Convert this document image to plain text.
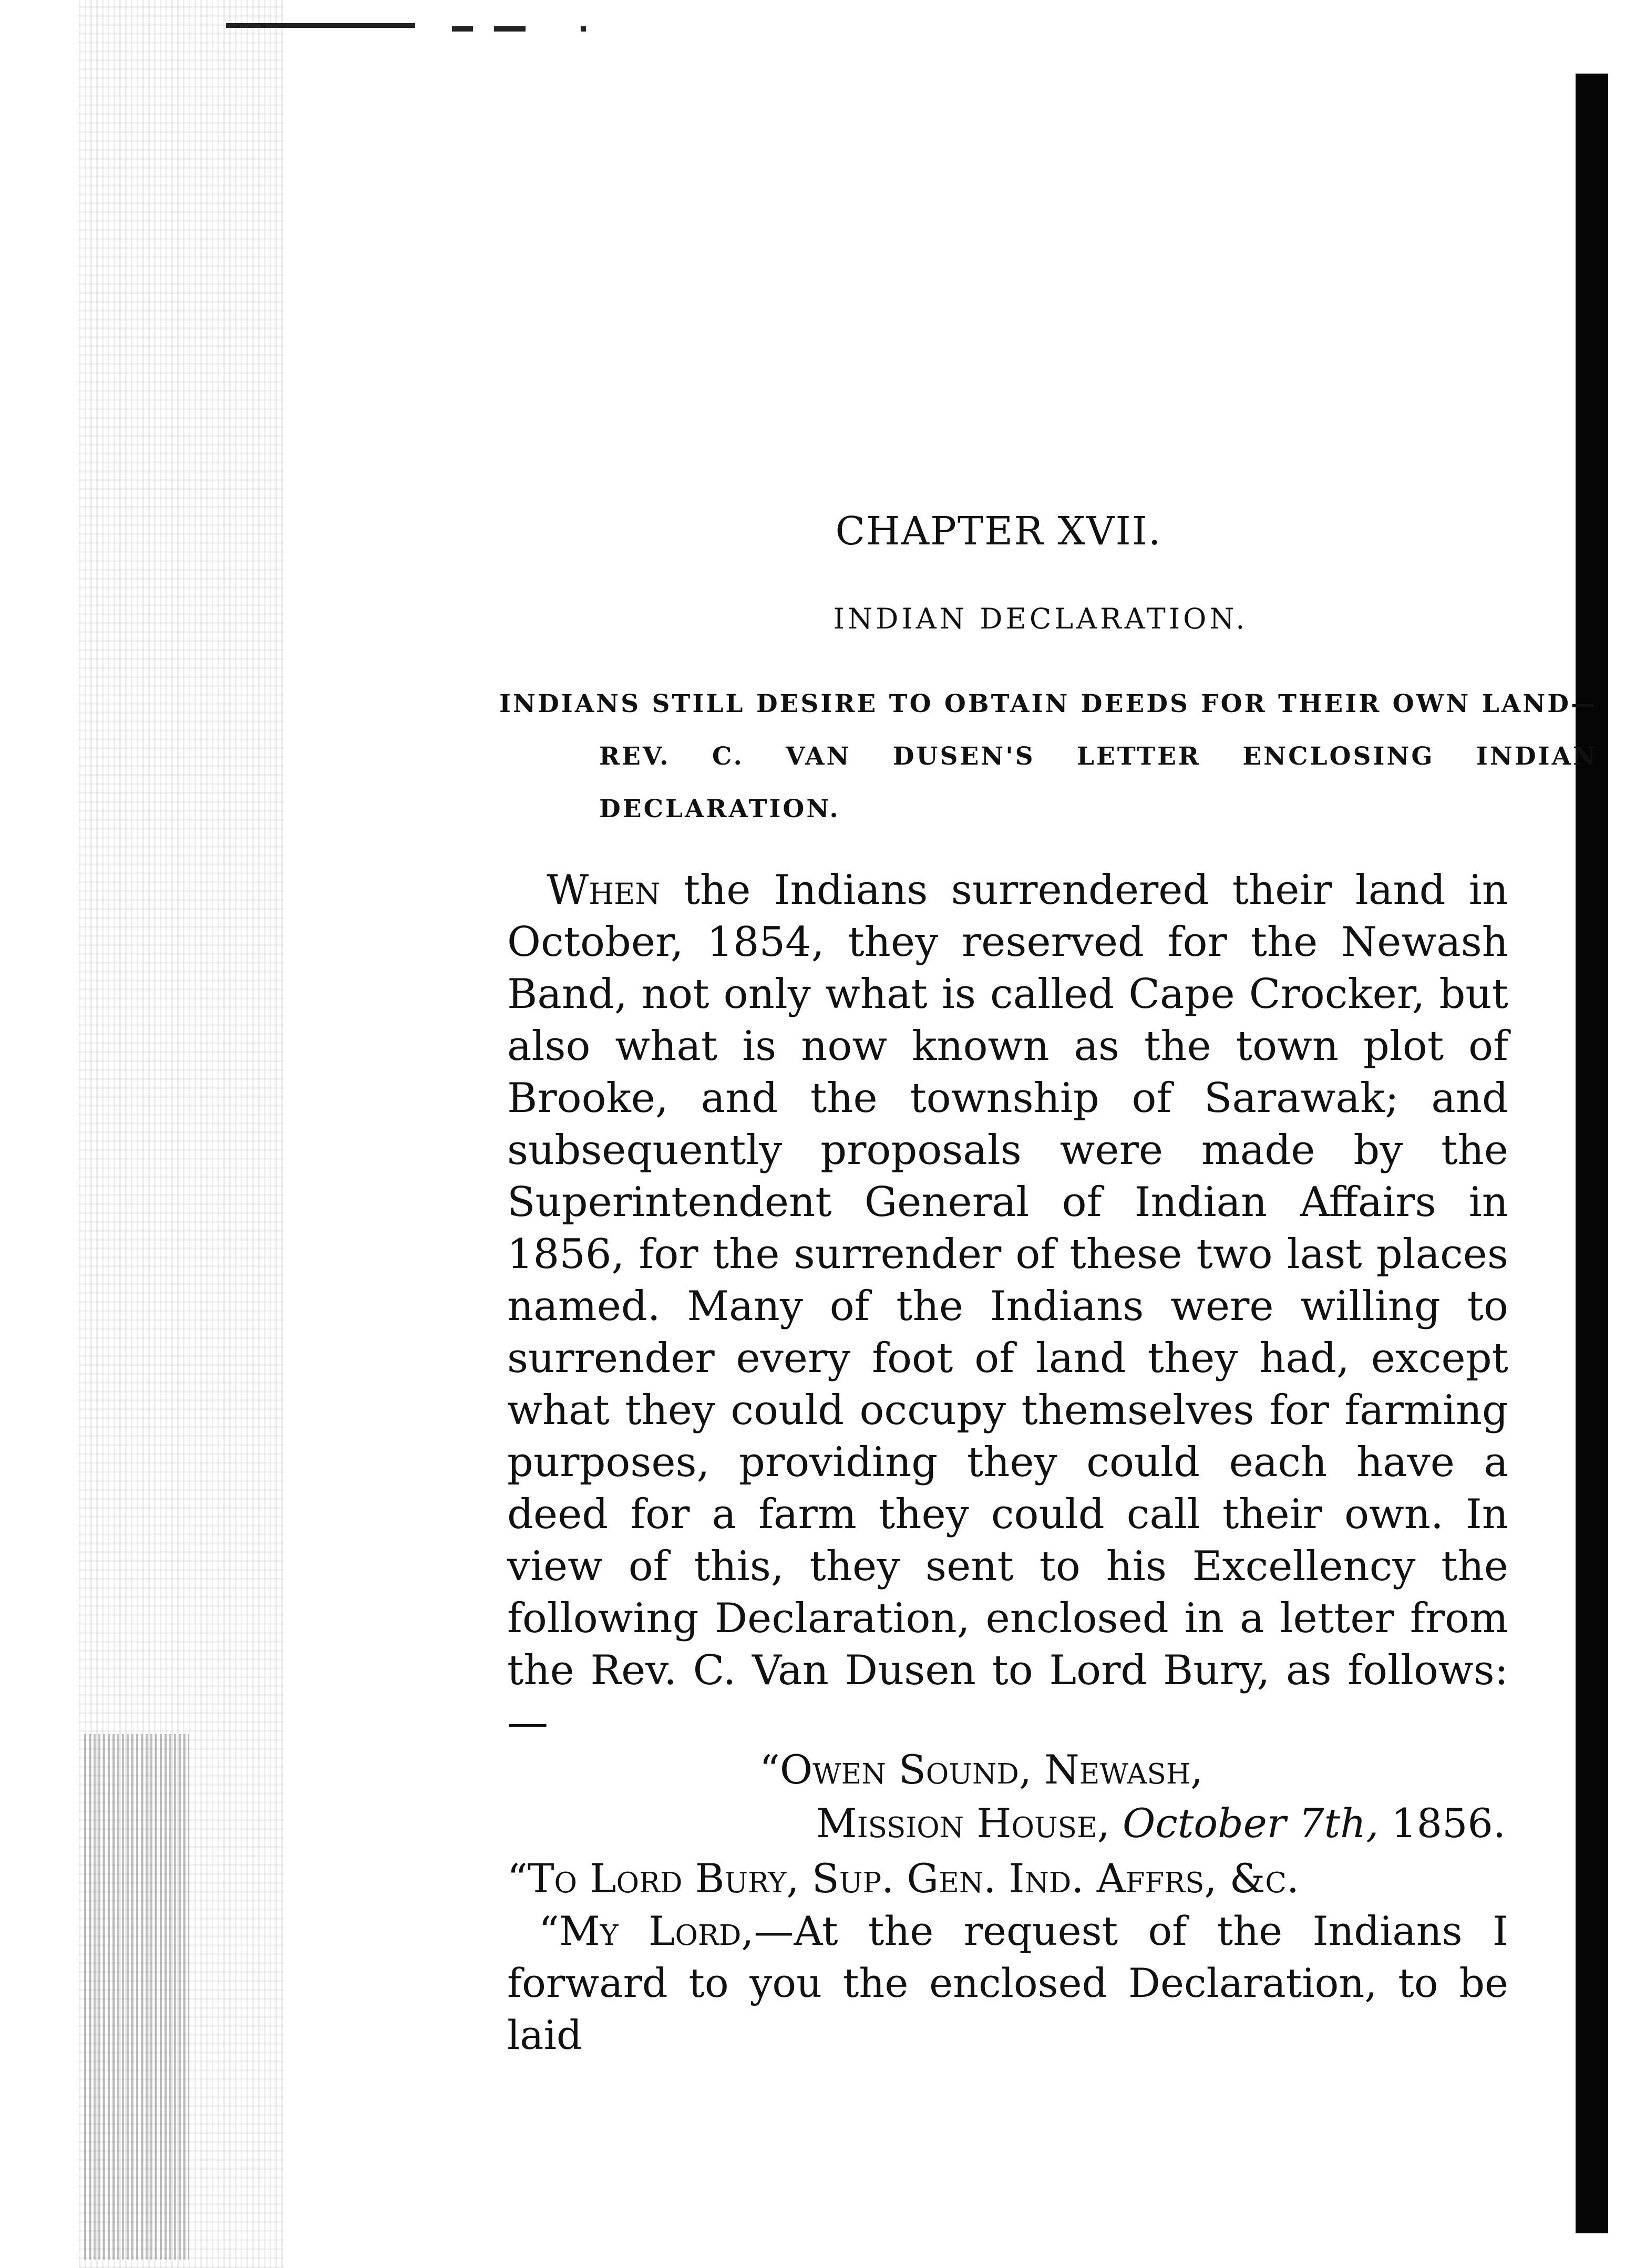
CHAPTER XVII.
INDIAN DECLARATION.
INDIANS STILL DESIRE TO OBTAIN DEEDS FOR THEIR OWN LAND—REV. C. VAN DUSEN'S LETTER ENCLOSING INDIAN DECLARATION.
When the Indians surrendered their land in October, 1854, they reserved for the Newash Band, not only what is called Cape Crocker, but also what is now known as the town plot of Brooke, and the township of Sarawak; and subsequently proposals were made by the Superintendent General of Indian Affairs in 1856, for the surrender of these two last places named. Many of the Indians were willing to surrender every foot of land they had, except what they could occupy themselves for farming purposes, providing they could each have a deed for a farm they could call their own. In view of this, they sent to his Excellency the following Declaration, enclosed in a letter from the Rev. C. Van Dusen to Lord Bury, as follows:—
“Owen Sound, Newash,
Mission House, October 7th, 1856.
“To Lord Bury, Sup. Gen. Ind. Affrs, &c.
“My Lord,—At the request of the Indians I forward to you the enclosed Declaration, to be laid
